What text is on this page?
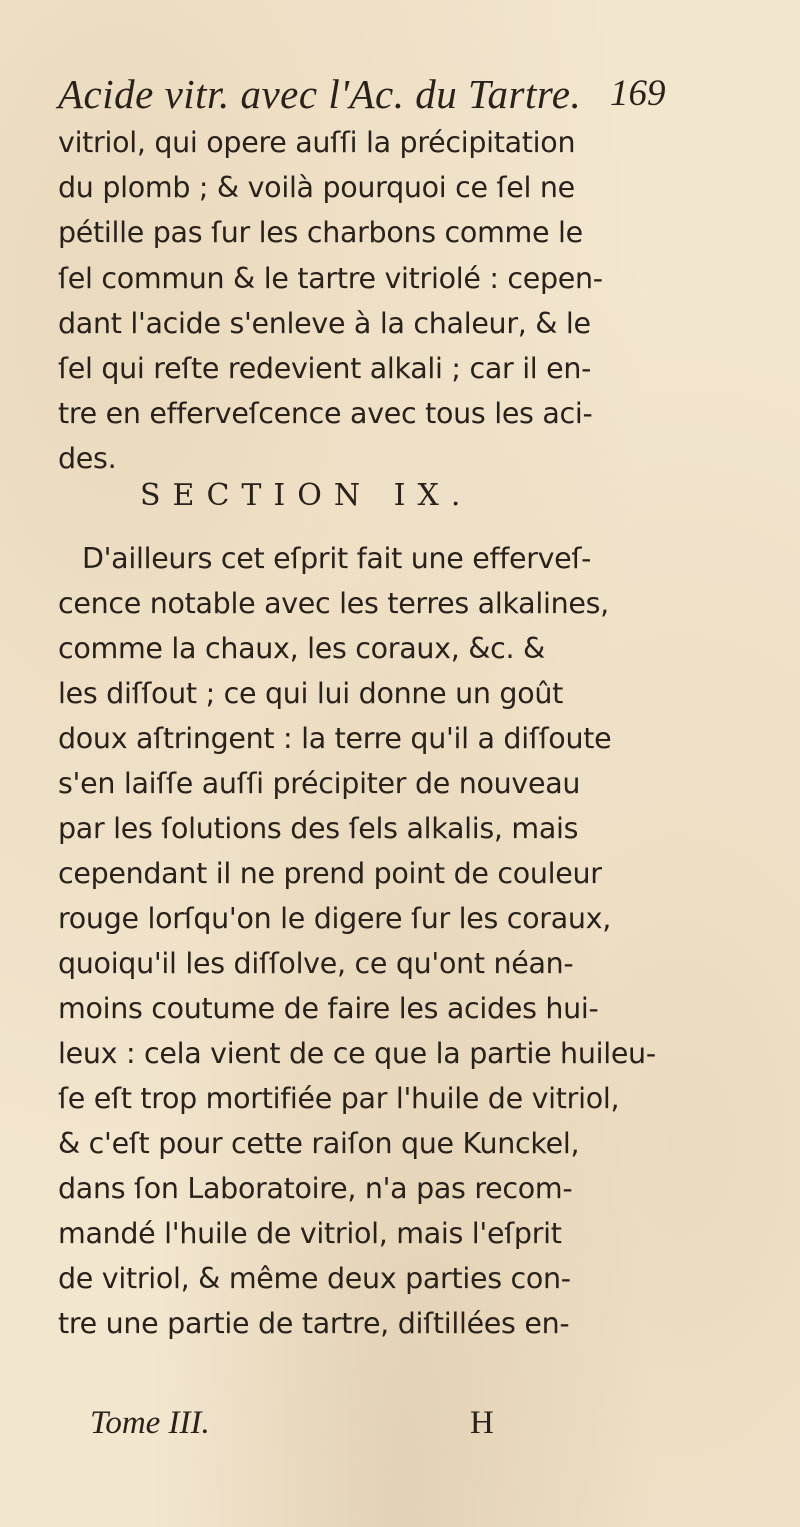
Acide vitr. avec l'Ac. du Tartre. 169
vitriol, qui opere auſſi la précipitation
du plomb ; & voilà pourquoi ce ſel ne
pétille pas ſur les charbons comme le
ſel commun & le tartre vitriolé : cepen-
dant l'acide s'enleve à la chaleur, & le
ſel qui reſte redevient alkali ; car il en-
tre en efferveſcence avec tous les aci-
des.
SECTION IX.
D'ailleurs cet eſprit fait une efferveſ-
cence notable avec les terres alkalines,
comme la chaux, les coraux, &c. &
les diſſout ; ce qui lui donne un goût
doux aſtringent : la terre qu'il a diſſoute
s'en laiſſe auſſi précipiter de nouveau
par les ſolutions des ſels alkalis, mais
cependant il ne prend point de couleur
rouge lorſqu'on le digere ſur les coraux,
quoiqu'il les diſſolve, ce qu'ont néan-
moins coutume de faire les acides hui-
leux : cela vient de ce que la partie huileu-
ſe eſt trop mortifiée par l'huile de vitriol,
& c'eſt pour cette raiſon que Kunckel,
dans ſon Laboratoire, n'a pas recom-
mandé l'huile de vitriol, mais l'eſprit
de vitriol, & même deux parties con-
tre une partie de tartre, diſtillées en-
Tome III.	H
